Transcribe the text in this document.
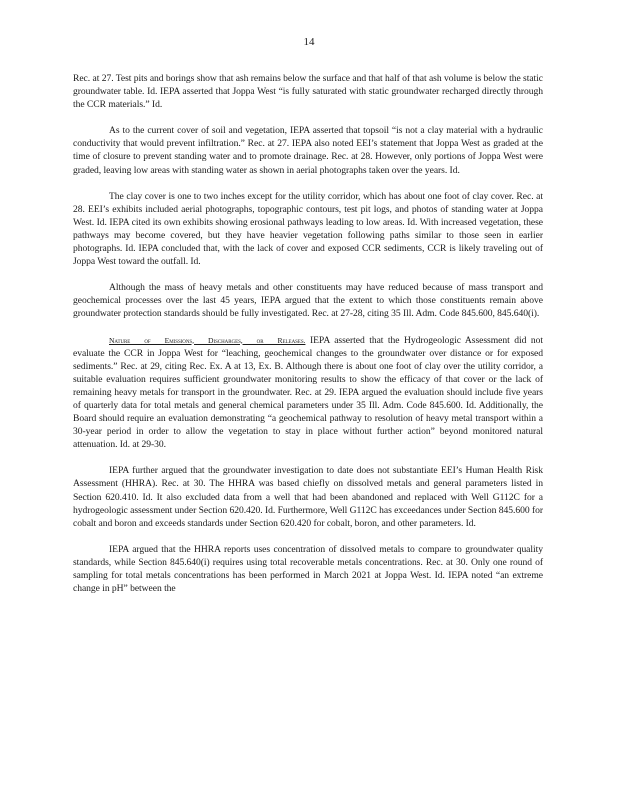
14

Rec. at 27. Test pits and borings show that ash remains below the surface and that half of that ash volume is below the static groundwater table. Id. IEPA asserted that Joppa West “is fully saturated with static groundwater recharged directly through the CCR materials.” Id.

As to the current cover of soil and vegetation, IEPA asserted that topsoil “is not a clay material with a hydraulic conductivity that would prevent infiltration.” Rec. at 27. IEPA also noted EEI’s statement that Joppa West as graded at the time of closure to prevent standing water and to promote drainage. Rec. at 28. However, only portions of Joppa West were graded, leaving low areas with standing water as shown in aerial photographs taken over the years. Id.

The clay cover is one to two inches except for the utility corridor, which has about one foot of clay cover. Rec. at 28. EEI’s exhibits included aerial photographs, topographic contours, test pit logs, and photos of standing water at Joppa West. Id. IEPA cited its own exhibits showing erosional pathways leading to low areas. Id. With increased vegetation, these pathways may become covered, but they have heavier vegetation following paths similar to those seen in earlier photographs. Id. IEPA concluded that, with the lack of cover and exposed CCR sediments, CCR is likely traveling out of Joppa West toward the outfall. Id.

Although the mass of heavy metals and other constituents may have reduced because of mass transport and geochemical processes over the last 45 years, IEPA argued that the extent to which those constituents remain above groundwater protection standards should be fully investigated. Rec. at 27-28, citing 35 Ill. Adm. Code 845.600, 845.640(i).

Nature of Emissions, Discharges, or Releases. IEPA asserted that the Hydrogeologic Assessment did not evaluate the CCR in Joppa West for “leaching, geochemical changes to the groundwater over distance or for exposed sediments.” Rec. at 29, citing Rec. Ex. A at 13, Ex. B. Although there is about one foot of clay over the utility corridor, a suitable evaluation requires sufficient groundwater monitoring results to show the efficacy of that cover or the lack of remaining heavy metals for transport in the groundwater. Rec. at 29. IEPA argued the evaluation should include five years of quarterly data for total metals and general chemical parameters under 35 Ill. Adm. Code 845.600. Id. Additionally, the Board should require an evaluation demonstrating “a geochemical pathway to resolution of heavy metal transport within a 30-year period in order to allow the vegetation to stay in place without further action” beyond monitored natural attenuation. Id. at 29-30.

IEPA further argued that the groundwater investigation to date does not substantiate EEI’s Human Health Risk Assessment (HHRA). Rec. at 30. The HHRA was based chiefly on dissolved metals and general parameters listed in Section 620.410. Id. It also excluded data from a well that had been abandoned and replaced with Well G112C for a hydrogeologic assessment under Section 620.420. Id. Furthermore, Well G112C has exceedances under Section 845.600 for cobalt and boron and exceeds standards under Section 620.420 for cobalt, boron, and other parameters. Id.

IEPA argued that the HHRA reports uses concentration of dissolved metals to compare to groundwater quality standards, while Section 845.640(i) requires using total recoverable metals concentrations. Rec. at 30. Only one round of sampling for total metals concentrations has been performed in March 2021 at Joppa West. Id. IEPA noted “an extreme change in pH” between the
